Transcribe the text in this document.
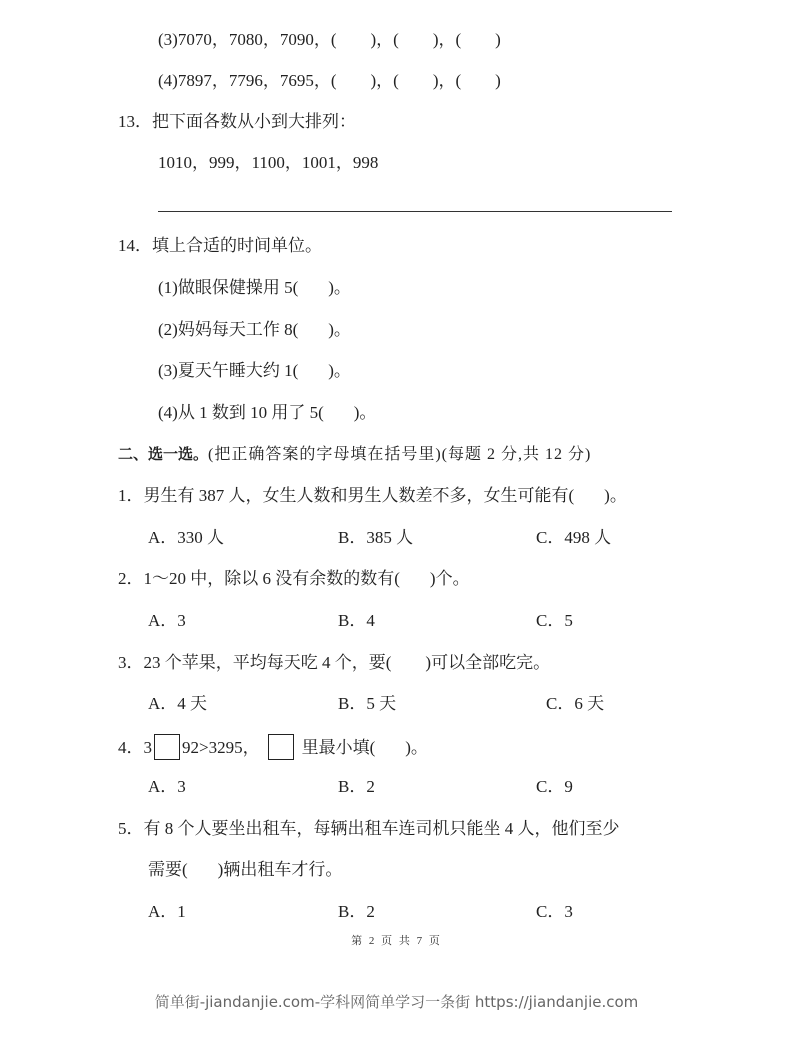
(3)7070，7080，7090，( )，( )，( )
(4)7897，7796，7695，( )，( )，( )
13．把下面各数从小到大排列：
1010，999，1100，1001，998
14．填上合适的时间单位。
(1)做眼保健操用 5( )。
(2)妈妈每天工作 8( )。
(3)夏天午睡大约 1( )。
(4)从 1 数到 10 用了 5( )。
二、选一选。(把正确答案的字母填在括号里)(每题 2 分,共 12 分)
1．男生有 387 人，女生人数和男生人数差不多，女生可能有( )。
A．330 人	B．385 人	C．498 人
2．1～20 中，除以 6 没有余数的数有( )个。
A．3	B．4	C．5
3．23 个苹果，平均每天吃 4 个，要( )可以全部吃完。
A．4 天	B．5 天	C．6 天
4．3 92>3295， 里最小填( )。
A．3	B．2	C．9
5．有 8 个人要坐出租车，每辆出租车连司机只能坐 4 人，他们至少
需要( )辆出租车才行。
A．1	B．2	C．3
第 2 页 共 7 页
简单街-jiandanjie.com-学科网简单学习一条街 https://jiandanjie.com
